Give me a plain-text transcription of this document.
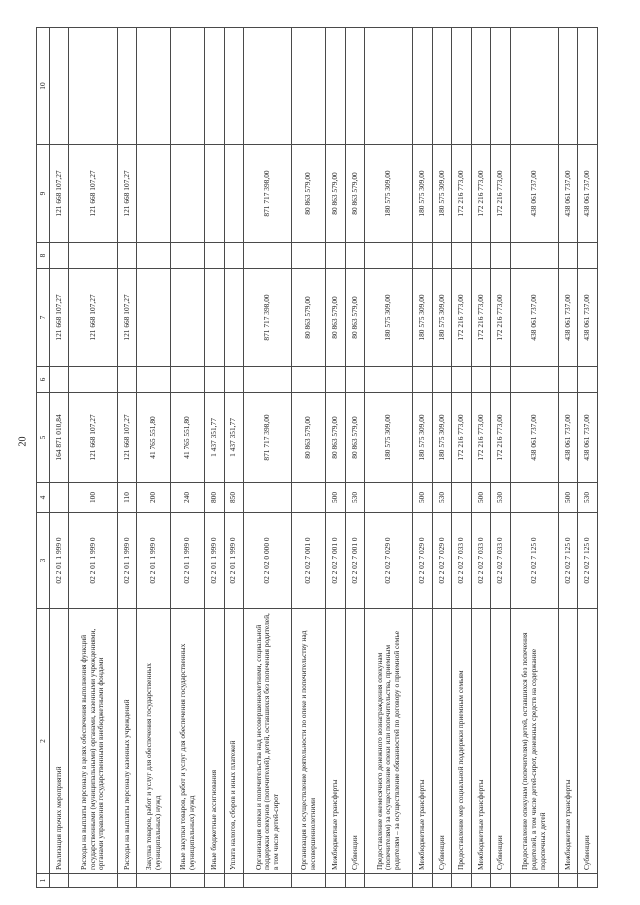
20
1	2	3	4	5	6	7	8	9	10
	Реализация прочих мероприятий	02 2 01 1 999 0		164 871 010,84		121 668 107,27		121 668 107,27	
	Расходы на выплаты персоналу в целях обеспечения выполнения функций государственными (муниципальными) органами, казенными учреждениями, органами управления государственными внебюджетными фондами	02 2 01 1 999 0	100	121 668 107,27		121 668 107,27		121 668 107,27	
	Расходы на выплаты персоналу казенных учреждений	02 2 01 1 999 0	110	121 668 107,27		121 668 107,27		121 668 107,27	
	Закупка товаров, работ и услуг для обеспечения государственных (муниципальных) нужд	02 2 01 1 999 0	200	41 765 551,80					
	Иные закупки товаров, работ и услуг для обеспечения государственных (муниципальных) нужд	02 2 01 1 999 0	240	41 765 551,80					
	Иные бюджетные ассигнования	02 2 01 1 999 0	800	1 437 351,77					
	Уплата налогов, сборов и иных платежей	02 2 01 1 999 0	850	1 437 351,77					
	Организация опеки и попечительства над несовершеннолетними, социальной поддержки опекунов (попечителей), детей, оставшихся без попечения родителей, в том числе детей-сирот	02 2 02 0 000 0		871 717 398,00		871 717 398,00		871 717 398,00	
	Организация и осуществление деятельности по опеке и попечительству над несовершеннолетними	02 2 02 7 001 0		80 863 579,00		80 863 579,00		80 863 579,00	
	Межбюджетные трансферты	02 2 02 7 001 0	500	80 863 579,00		80 863 579,00		80 863 579,00	
	Субвенции	02 2 02 7 001 0	530	80 863 579,00		80 863 579,00		80 863 579,00	
	Предоставление ежемесячного денежного вознаграждения опекунам (попечителям) за осуществление опеки или попечительства, приемным родителям – за осуществление обязанностей по договору о приемной семье	02 2 02 7 029 0		180 575 309,00		180 575 309,00		180 575 309,00	
	Межбюджетные трансферты	02 2 02 7 029 0	500	180 575 309,00		180 575 309,00		180 575 309,00	
	Субвенции	02 2 02 7 029 0	530	180 575 309,00		180 575 309,00		180 575 309,00	
	Предоставление мер социальной поддержки приемным семьям	02 2 02 7 033 0		172 216 773,00		172 216 773,00		172 216 773,00	
	Межбюджетные трансферты	02 2 02 7 033 0	500	172 216 773,00		172 216 773,00		172 216 773,00	
	Субвенции	02 2 02 7 033 0	530	172 216 773,00		172 216 773,00		172 216 773,00	
	Предоставление опекунам (попечителям) детей, оставшихся без попечения родителей, в том числе детей-сирот, денежных средств на содержание подопечных детей	02 2 02 7 125 0		438 061 737,00		438 061 737,00		438 061 737,00	
	Межбюджетные трансферты	02 2 02 7 125 0	500	438 061 737,00		438 061 737,00		438 061 737,00	
	Субвенции	02 2 02 7 125 0	530	438 061 737,00		438 061 737,00		438 061 737,00	
